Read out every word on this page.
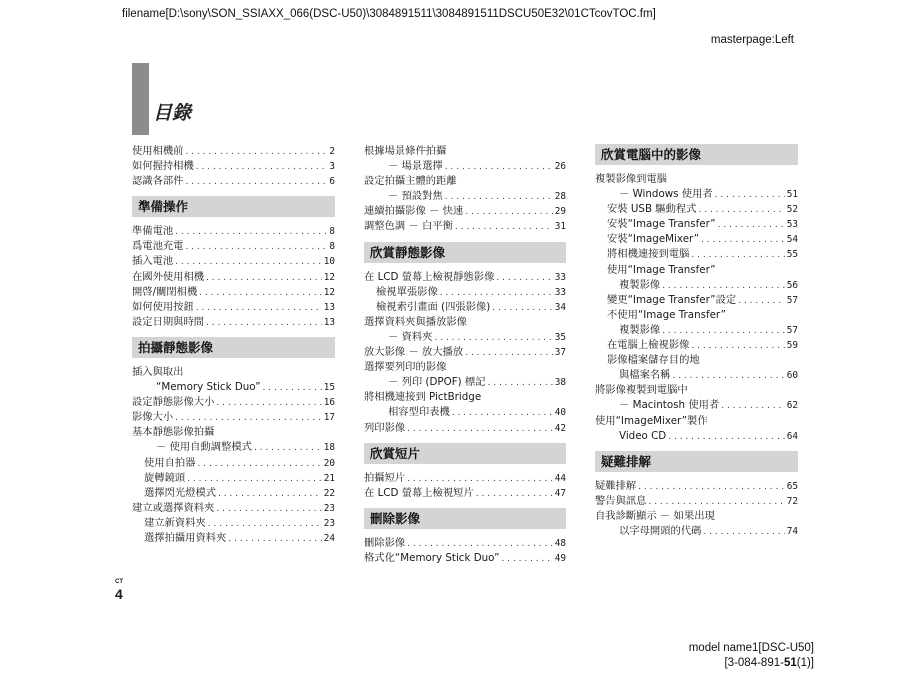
filename[D:\sony\SON_SSIAXX_066(DSC-U50)\3084891511\3084891511DSCU50E32\01CTcovTOC.fm]
masterpage:Left
目錄
使用相機前 . . .	2
如何握持相機 . . .	3
認識各部件 . . .	6
準備操作
準備電池 . . .	8
爲電池充電 . . .	8
插入電池 . . .	10
在國外使用相機 . . .	12
開啓/關閉相機 . . .	12
如何使用按鈕 . . .	13
設定日期與時間 . . .	13
拍攝靜態影像
插入與取出
“Memory Stick Duo” . . .	15
設定靜態影像大小 . . .	16
影像大小 . . .	17
基本靜態影像拍攝
－ 使用自動調整模式 . . .	18
使用自拍器 . . .	20
旋轉鏡頭 . . .	21
選擇閃光燈模式 . . .	22
建立或選擇資料夾 . . .	23
建立新資料夾 . . .	23
選擇拍攝用資料夾 . . .	24
根據場景條件拍攝
－ 場景選擇 . . .	26
設定拍攝主體的距離
－ 預設對焦 . . .	28
連續拍攝影像 － 快速 . . .	29
調整色調 － 白平衡 . . .	31
欣賞靜態影像
在 LCD 螢幕上檢視靜態影像 . . .	33
檢視單張影像 . . .	33
檢視索引畫面 (四張影像) . . .	34
選擇資料夾與播放影像
－ 資料夾 . . .	35
放大影像 － 放大播放 . . .	37
選擇要列印的影像
－ 列印 (DPOF) 標記 . . .	38
將相機連接到 PictBridge
相容型印表機 . . .	40
列印影像 . . .	42
欣賞短片
拍攝短片 . . .	44
在 LCD 螢幕上檢視短片 . . .	47
刪除影像
刪除影像 . . .	48
格式化“Memory Stick Duo” . . .	49
欣賞電腦中的影像
複製影像到電腦
－ Windows 使用者 . . .	51
安裝 USB 驅動程式 . . .	52
安裝“Image Transfer” . . .	53
安裝“ImageMixer” . . .	54
將相機連接到電腦 . . .	55
使用“Image Transfer”
複製影像 . . .	56
變更“Image Transfer”設定 . . .	57
不使用“Image Transfer”
複製影像 . . .	57
在電腦上檢視影像 . . .	59
影像檔案儲存目的地
與檔案名稱 . . .	60
將影像複製到電腦中
－ Macintosh 使用者 . . .	62
使用“ImageMixer”製作
Video CD . . .	64
疑難排解
疑難排解 . . .	65
警告與訊息 . . .	72
自我診斷顯示 － 如果出現
以字母開頭的代碼 . . .	74
CT
4
model name1[DSC-U50]
[3-084-891-51(1)]
